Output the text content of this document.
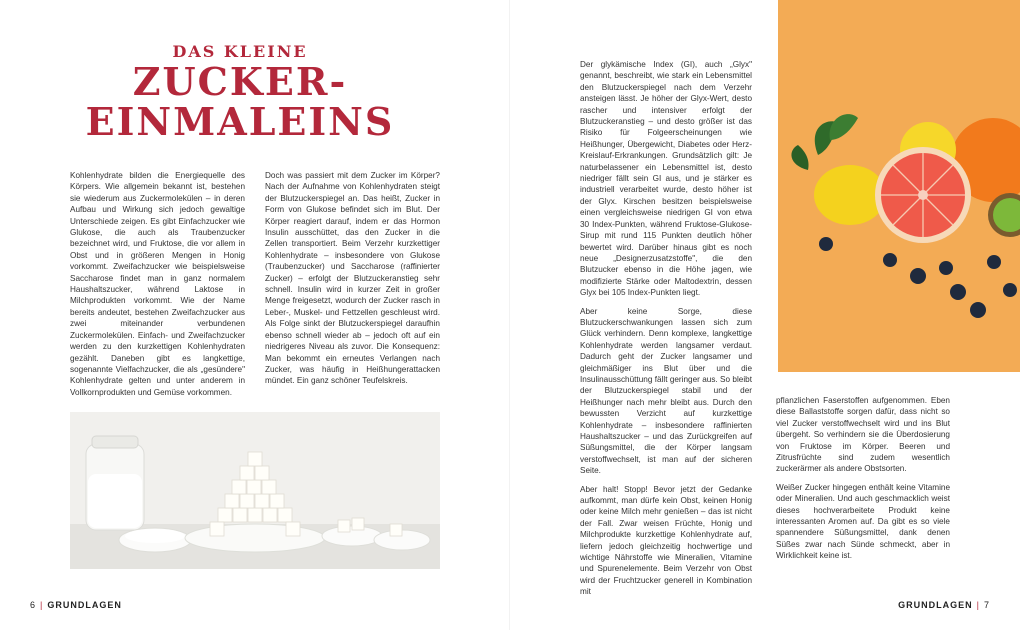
DAS KLEINE
ZUCKER-
EINMALEINS

Kohlenhydrate bilden die Energiequelle des Körpers. Wie allgemein bekannt ist, bestehen sie wiederum aus Zuckermolekülen – in deren Aufbau und Wirkung sich jedoch gewaltige Unterschiede zeigen. Es gibt Einfachzucker wie Glukose, die auch als Traubenzucker bezeichnet wird, und Fruktose, die vor allem in Obst und in größeren Mengen in Honig vorkommt. Zweifachzucker wie beispielsweise Saccharose findet man in ganz normalem Haushaltszucker, während Laktose in Milchprodukten vorkommt. Wie der Name bereits andeutet, bestehen Zweifachzucker aus zwei miteinander verbundenen Zuckermolekülen. Einfach- und Zweifachzucker werden zu den kurzkettigen Kohlenhydraten gezählt. Daneben gibt es langkettige, sogenannte Vielfachzucker, die als „gesündere" Kohlenhydrate gelten und unter anderem in Vollkornprodukten und Gemüse vorkommen.

Doch was passiert mit dem Zucker im Körper? Nach der Aufnahme von Kohlenhydraten steigt der Blutzuckerspiegel an. Das heißt, Zucker in Form von Glukose befindet sich im Blut. Der Körper reagiert darauf, indem er das Hormon Insulin ausschüttet, das den Zucker in die Zellen transportiert. Beim Verzehr kurzkettiger Kohlenhydrate – insbesondere von Glukose (Traubenzucker) und Saccharose (raffinierter Zucker) – erfolgt der Blutzuckeranstieg sehr schnell. Insulin wird in kurzer Zeit in großer Menge freigesetzt, wodurch der Zucker rasch in Leber-, Muskel- und Fettzellen geschleust wird. Als Folge sinkt der Blutzuckerspiegel daraufhin ebenso schnell wieder ab – jedoch oft auf ein niedrigeres Niveau als zuvor. Die Konsequenz: Man bekommt ein erneutes Verlangen nach Zucker, was häufig in Heißhungerattacken mündet. Ein ganz schöner Teufelskreis.

6 | GRUNDLAGEN

Der glykämische Index (GI), auch „Glyx" genannt, beschreibt, wie stark ein Lebensmittel den Blutzuckerspiegel nach dem Verzehr ansteigen lässt. Je höher der Glyx-Wert, desto rascher und intensiver erfolgt der Blutzuckeranstieg – und desto größer ist das Risiko für Folgeerscheinungen wie Heißhunger, Übergewicht, Diabetes oder Herz-Kreislauf-Erkrankungen. Grundsätzlich gilt: Je naturbelassener ein Lebensmittel ist, desto niedriger fällt sein GI aus, und je stärker es industriell verarbeitet wurde, desto höher ist der Glyx. Kirschen besitzen beispielsweise einen vergleichsweise niedrigen GI von etwa 30 Index-Punkten, während Fruktose-Glukose-Sirup mit rund 115 Punkten deutlich höher bewertet wird. Darüber hinaus gibt es noch neue „Designerzusatzstoffe", die den Blutzucker ebenso in die Höhe jagen, wie modifizierte Stärke oder Maltodextrin, dessen Glyx bei 105 Index-Punkten liegt.

Aber keine Sorge, diese Blutzuckerschwankungen lassen sich zum Glück verhindern. Denn komplexe, langkettige Kohlenhydrate werden langsamer verdaut. Dadurch geht der Zucker langsamer und gleichmäßiger ins Blut über und die Insulinausschüttung fällt geringer aus. So bleibt der Blutzuckerspiegel stabil und der Heißhunger nach mehr bleibt aus. Durch den bewussten Verzicht auf kurzkettige Kohlenhydrate – insbesondere raffinierten Haushaltszucker – und das Zurückgreifen auf Süßungsmittel, die der Körper langsam verstoffwechselt, ist man auf der sicheren Seite.

Aber halt! Stopp! Bevor jetzt der Gedanke aufkommt, man dürfe kein Obst, keinen Honig oder keine Milch mehr genießen – das ist nicht der Fall. Zwar weisen Früchte, Honig und Milchprodukte kurzkettige Kohlenhydrate auf, liefern jedoch gleichzeitig hochwertige und wichtige Nährstoffe wie Mineralien, Vitamine und Spurenelemente. Beim Verzehr von Obst wird der Fruchtzucker generell in Kombination mit

pflanzlichen Faserstoffen aufgenommen. Eben diese Ballaststoffe sorgen dafür, dass nicht so viel Zucker verstoffwechselt wird und ins Blut übergeht. So verhindern sie die Überdosierung von Fruktose im Körper. Beeren und Zitrusfrüchte sind zudem wesentlich zuckerärmer als andere Obstsorten.

Weißer Zucker hingegen enthält keine Vitamine oder Mineralien. Und auch geschmacklich weist dieses hochverarbeitete Produkt keine interessanten Aromen auf. Da gibt es so viele spannendere Süßungsmittel, dank denen Süßes zwar nach Sünde schmeckt, aber in Wirklichkeit keine ist.

GRUNDLAGEN | 7
